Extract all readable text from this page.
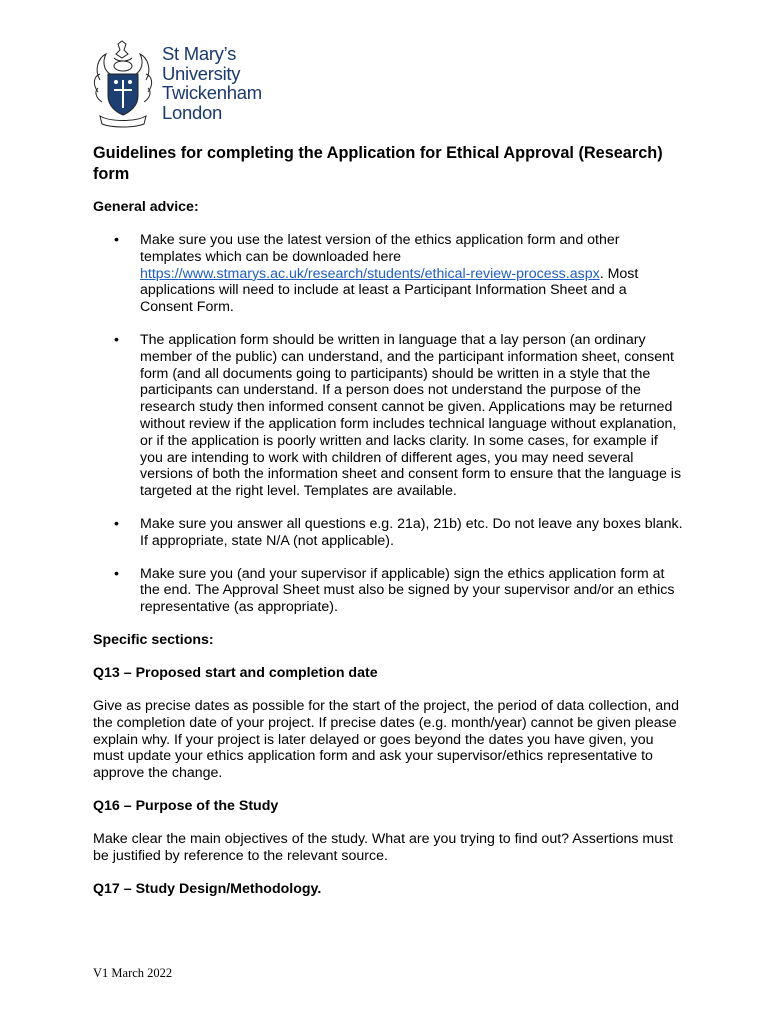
St Mary’s
University
Twickenham
London
Guidelines for completing the Application for Ethical Approval (Research) form
General advice:
• Make sure you use the latest version of the ethics application form and other templates which can be downloaded here https://www.stmarys.ac.uk/research/students/ethical-review-process.aspx. Most applications will need to include at least a Participant Information Sheet and a Consent Form.
• The application form should be written in language that a lay person (an ordinary member of the public) can understand, and the participant information sheet, consent form (and all documents going to participants) should be written in a style that the participants can understand. If a person does not understand the purpose of the research study then informed consent cannot be given. Applications may be returned without review if the application form includes technical language without explanation, or if the application is poorly written and lacks clarity. In some cases, for example if you are intending to work with children of different ages, you may need several versions of both the information sheet and consent form to ensure that the language is targeted at the right level. Templates are available.
• Make sure you answer all questions e.g. 21a), 21b) etc. Do not leave any boxes blank. If appropriate, state N/A (not applicable).
• Make sure you (and your supervisor if applicable) sign the ethics application form at the end. The Approval Sheet must also be signed by your supervisor and/or an ethics representative (as appropriate).
Specific sections:
Q13 – Proposed start and completion date

Give as precise dates as possible for the start of the project, the period of data collection, and the completion date of your project. If precise dates (e.g. month/year) cannot be given please explain why. If your project is later delayed or goes beyond the dates you have given, you must update your ethics application form and ask your supervisor/ethics representative to approve the change.

Q16 – Purpose of the Study

Make clear the main objectives of the study. What are you trying to find out? Assertions must be justified by reference to the relevant source.

Q17 – Study Design/Methodology.
V1 March 2022
